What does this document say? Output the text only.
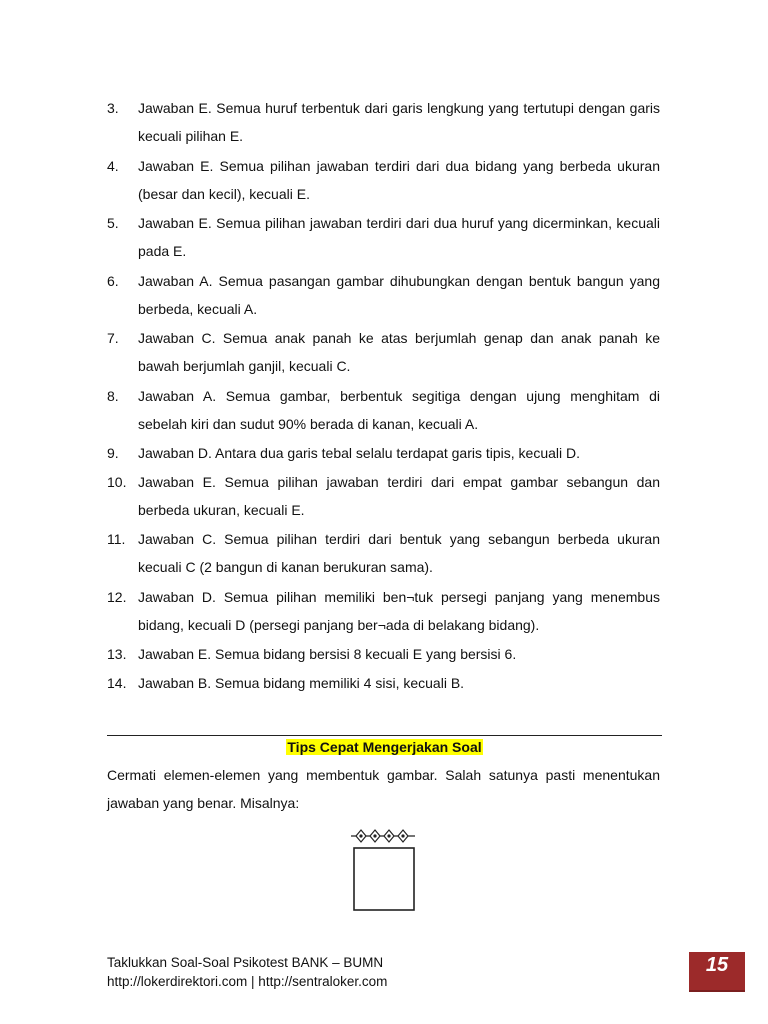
3.	Jawaban E. Semua huruf terbentuk dari garis lengkung yang tertutupi dengan garis kecuali pilihan E.
4.	Jawaban E. Semua pilihan jawaban terdiri dari dua bidang yang berbeda ukuran (besar dan kecil), kecuali E.
5.	Jawaban E. Semua pilihan jawaban terdiri dari dua huruf yang dicerminkan, kecuali pada E.
6.	Jawaban A. Semua pasangan gambar dihubungkan dengan bentuk bangun yang berbeda, kecuali A.
7.	Jawaban C. Semua anak panah ke atas berjumlah genap dan anak panah ke bawah berjumlah ganjil, kecuali C.
8.	Jawaban A. Semua gambar, berbentuk segitiga dengan ujung menghitam di sebelah kiri dan sudut 90% berada di kanan, kecuali A.
9.	Jawaban D. Antara dua garis tebal selalu terdapat garis tipis, kecuali D.
10. Jawaban E. Semua pilihan jawaban terdiri dari empat gambar sebangun dan berbeda ukuran, kecuali E.
11. Jawaban C. Semua pilihan terdiri dari bentuk yang sebangun berbeda ukuran kecuali C (2 bangun di kanan berukuran sama).
12. Jawaban D. Semua pilihan memiliki ben¬tuk persegi panjang yang menembus bidang, kecuali D (persegi panjang ber¬ada di belakang bidang).
13. Jawaban E. Semua bidang bersisi 8 kecuali E yang bersisi 6.
14. Jawaban B. Semua bidang memiliki 4 sisi, kecuali B.
Tips Cepat Mengerjakan Soal
Cermati elemen-elemen yang membentuk gambar. Salah satunya pasti menentukan jawaban yang benar. Misalnya:
Taklukkan Soal-Soal Psikotest BANK – BUMN
http://lokerdirektori.com | http://sentraloker.com
15
